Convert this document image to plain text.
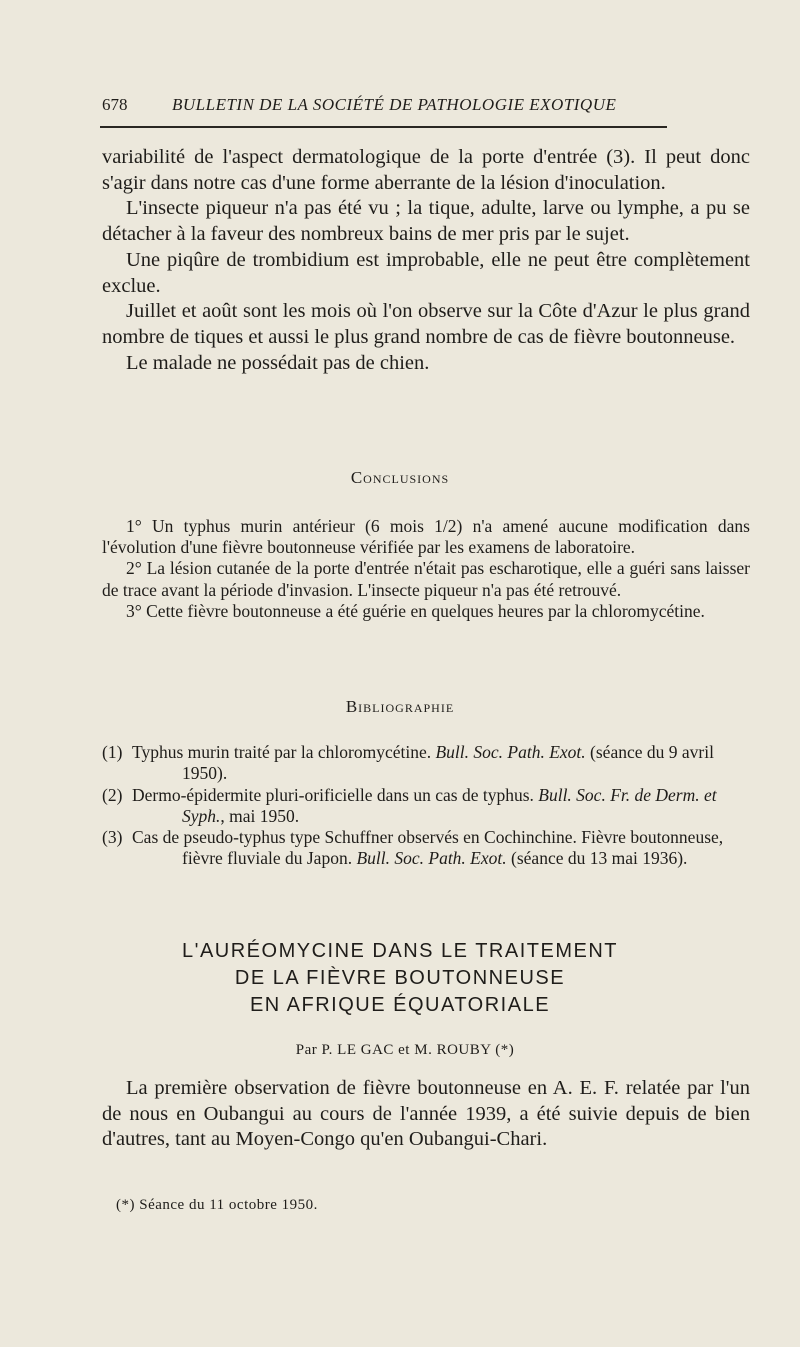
678	BULLETIN DE LA SOCIÉTÉ DE PATHOLOGIE EXOTIQUE

variabilité de l'aspect dermatologique de la porte d'entrée (3). Il peut donc s'agir dans notre cas d'une forme aberrante de la lésion d'inoculation.

L'insecte piqueur n'a pas été vu ; la tique, adulte, larve ou lymphe, a pu se détacher à la faveur des nombreux bains de mer pris par le sujet.

Une piqûre de trombidium est improbable, elle ne peut être complètement exclue.

Juillet et août sont les mois où l'on observe sur la Côte d'Azur le plus grand nombre de tiques et aussi le plus grand nombre de cas de fièvre boutonneuse.

Le malade ne possédait pas de chien.

Conclusions

1° Un typhus murin antérieur (6 mois 1/2) n'a amené aucune modification dans l'évolution d'une fièvre boutonneuse vérifiée par les examens de laboratoire.

2° La lésion cutanée de la porte d'entrée n'était pas escharotique, elle a guéri sans laisser de trace avant la période d'invasion. L'insecte piqueur n'a pas été retrouvé.

3° Cette fièvre boutonneuse a été guérie en quelques heures par la chloromycétine.

Bibliographie

(1) Typhus murin traité par la chloromycétine. Bull. Soc. Path. Exot. (séance du 9 avril 1950).

(2) Dermo-épidermite pluri-orificielle dans un cas de typhus. Bull. Soc. Fr. de Derm. et Syph., mai 1950.

(3) Cas de pseudo-typhus type Schuffner observés en Cochinchine. Fièvre boutonneuse, fièvre fluviale du Japon. Bull. Soc. Path. Exot. (séance du 13 mai 1936).

L'AURÉOMYCINE DANS LE TRAITEMENT
DE LA FIÈVRE BOUTONNEUSE
EN AFRIQUE ÉQUATORIALE
Par P. LE GAC et M. ROUBY (*)

La première observation de fièvre boutonneuse en A. E. F. relatée par l'un de nous en Oubangui au cours de l'année 1939, a été suivie depuis de bien d'autres, tant au Moyen-Congo qu'en Oubangui-Chari.

(*) Séance du 11 octobre 1950.
